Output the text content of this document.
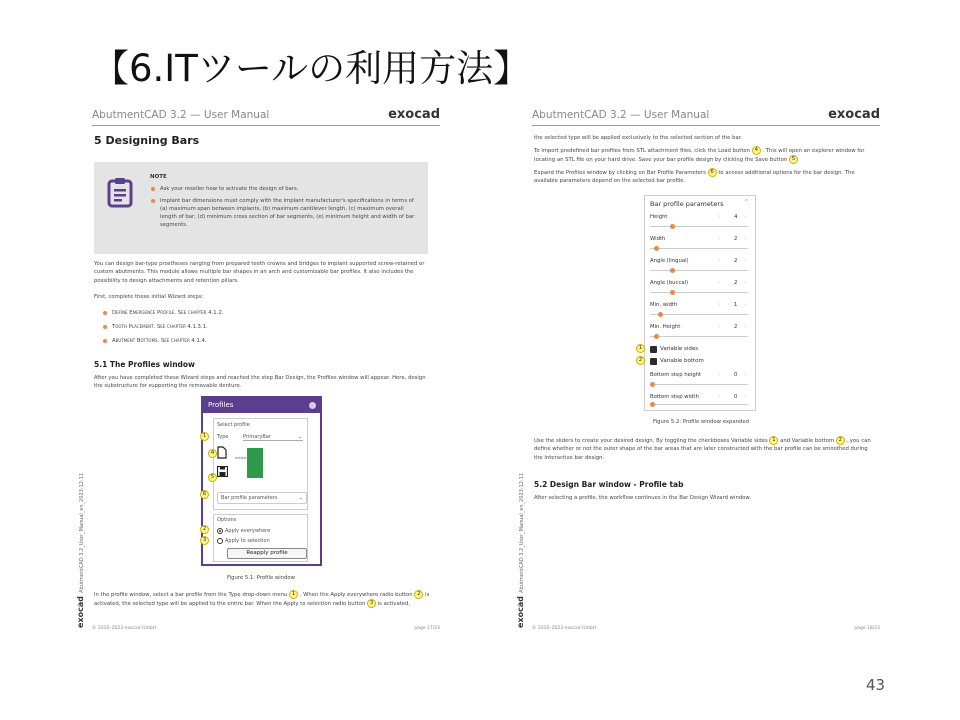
【6.ITツールの利用方法】
AbutmentCAD 3.2 — User Manual	exocad
exocad  AbutmentCAD 3.2_User_Manual_en_2023-12-11
5 Designing Bars
NOTE
Ask your reseller how to activate the design of bars.
Implant bar dimensions must comply with the implant manufacturer's specifications in terms of (a) maximum span between implants, (b) maximum cantilever length, (c) maximum overall length of bar, (d) minimum cross section of bar segments, (e) minimum height and width of bar segments.
You can design bar-type prostheses ranging from prepared teeth crowns and bridges to implant supported screw-retained or custom abutments. This module allows multiple bar shapes in an arch and customizable bar profiles. It also includes the possibility to design attachments and retention pillars.
First, complete these initial Wizard steps:
Define Emergence Profile. See chapter 4.1.2.
Tooth Placement. See chapter 4.1.3.1.
Abutment Bottoms. See chapter 4.1.4.
5.1 The Profiles window
After you have completed these Wizard steps and reached the step Bar Design, the Profiles window will appear. Here, design the substructure for supporting the removable denture.
Profiles
Select profile
Type	PrimaryBar	⌄
mesial
Bar profile parameters	⌄
Options
Apply everywhere
Apply to selection
Reapply profile
1
4
5
6
2
3
Figure 5.1: Profile window
In the profile window, select a bar profile from the Type drop-down menu 1 . When the Apply everywhere radio button 2 is activated, the selected type will be applied to the entire bar. When the Apply to selection radio button 3 is activated,
© 2015–2023 exocad GmbH	page 17/23
AbutmentCAD 3.2 — User Manual	exocad
exocad  AbutmentCAD 3.2_User_Manual_en_2023-12-11
the selected type will be applied exclusively to the selected section of the bar.
To import predefined bar profiles from STL attachment files, click the Load button 4 . This will open an explorer window for locating an STL file on your hard drive. Save your bar profile design by clicking the Save button 5
Expand the Profiles window by clicking on Bar Profile Parameters 6 to access additional options for the bar design. The available parameters depend on the selected bar profile.
Bar profile parameters	^
Height	‹	4 ›
Width	‹	2 ›
Angle (lingual)	‹	2 ›
Angle (buccal)	‹	2 ›
Min. width	‹	1 ›
Min. Height	‹	2 ›
Variable sides
Variable bottom
Bottom step height	‹	0 ›
Bottom step width	‹	0 ›
1
2
Figure 5.2: Profile window expanded
Use the sliders to create your desired design. By toggling the checkboxes Variable sides 1 and Variable bottom 2 , you can define whether or not the outer shape of the bar areas that are later constructed with the bar profile can be smoothed during the interactive bar design.
5.2 Design Bar window - Profile tab
After selecting a profile, the workflow continues in the Bar Design Wizard window.
© 2015–2023 exocad GmbH	page 18/23
43
